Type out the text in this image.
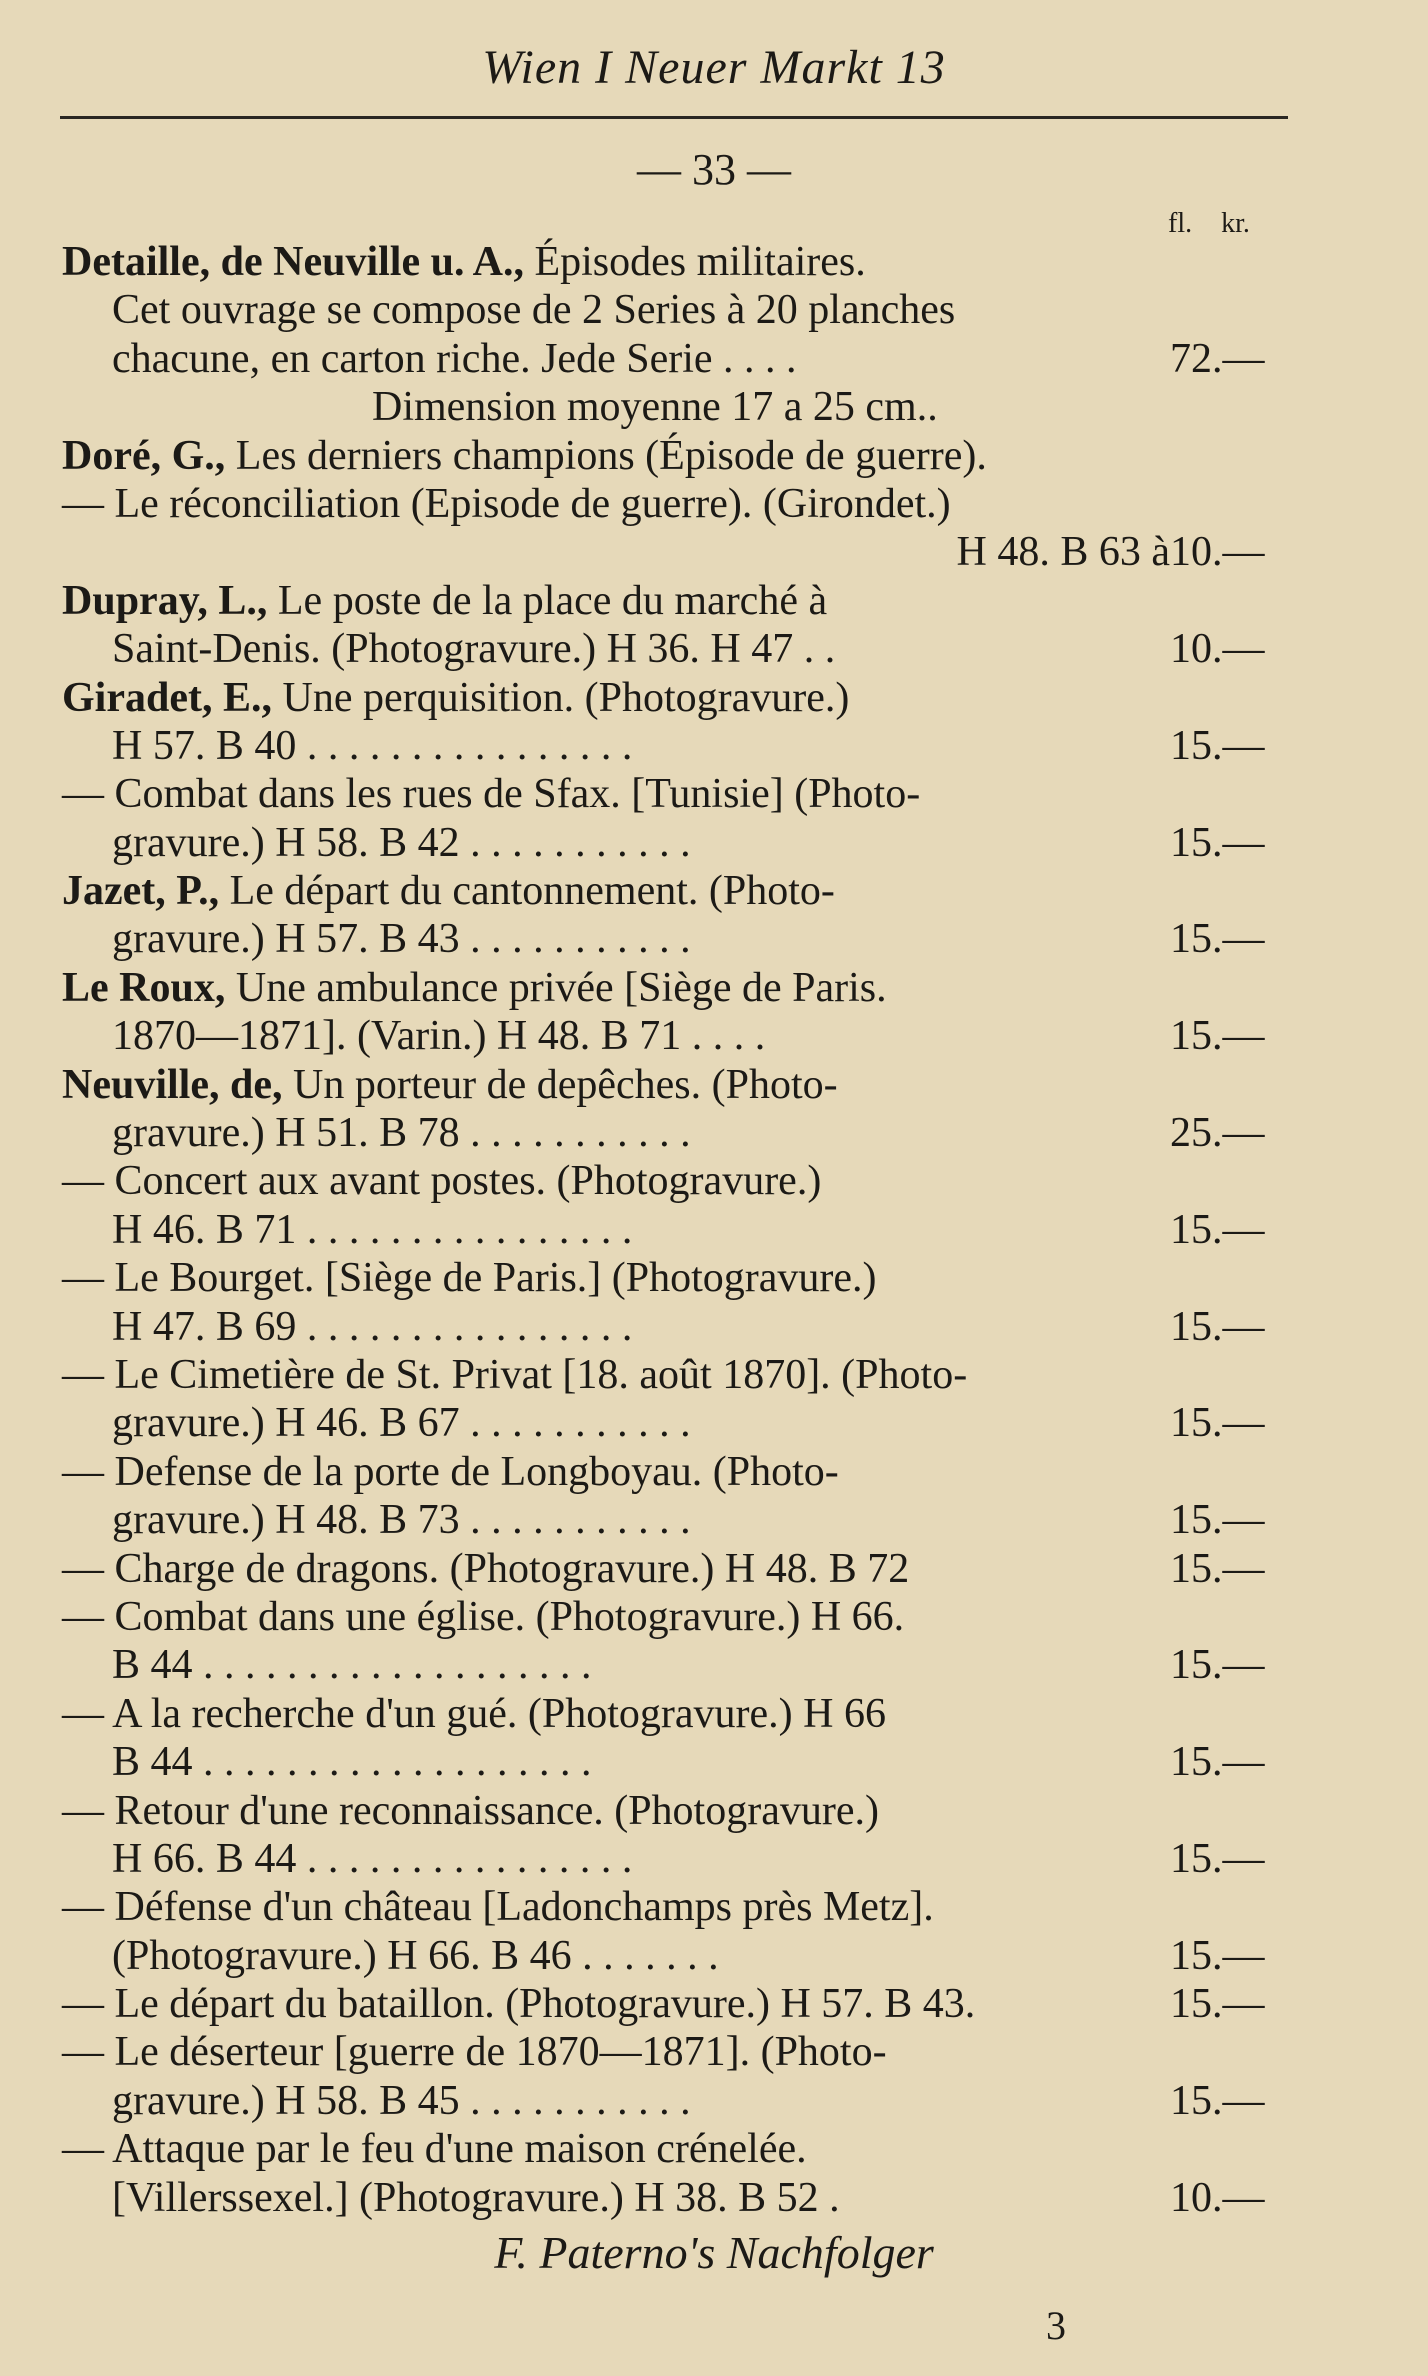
Wien I Neuer Markt 13
— 33 —
fl. kr.
Detaille, de Neuville u. A., Épisodes militaires.
Cet ouvrage se compose de 2 Series à 20 planches
chacune, en carton riche. Jede Serie . . . .	72.—
Dimension moyenne 17 a 25 cm..
Doré, G., Les derniers champions (Épisode de guerre).
— Le réconciliation (Episode de guerre). (Girondet.)
H 48. B 63 à 10.—
Dupray, L., Le poste de la place du marché à
Saint-Denis. (Photogravure.) H 36. H 47 . .	10.—
Giradet, E., Une perquisition. (Photogravure.)
H 57. B 40 . . . . . . . . . . . . . . . .	15.—
— Combat dans les rues de Sfax. [Tunisie] (Photo-
gravure.) H 58. B 42 . . . . . . . . . . .	15.—
Jazet, P., Le départ du cantonnement. (Photo-
gravure.) H 57. B 43 . . . . . . . . . . .	15.—
Le Roux, Une ambulance privée [Siège de Paris.
1870—1871]. (Varin.) H 48. B 71 . . . .	15.—
Neuville, de, Un porteur de depêches. (Photo-
gravure.) H 51. B 78 . . . . . . . . . . .	25.—
— Concert aux avant postes. (Photogravure.)
H 46. B 71 . . . . . . . . . . . . . . . .	15.—
— Le Bourget. [Siège de Paris.] (Photogravure.)
H 47. B 69 . . . . . . . . . . . . . . . .	15.—
— Le Cimetière de St. Privat [18. août 1870]. (Photo-
gravure.) H 46. B 67 . . . . . . . . . . .	15.—
— Defense de la porte de Longboyau. (Photo-
gravure.) H 48. B 73 . . . . . . . . . . .	15.—
— Charge de dragons. (Photogravure.) H 48. B 72	15.—
— Combat dans une église. (Photogravure.) H 66.
B 44 . . . . . . . . . . . . . . . . . . .	15.—
— A la recherche d'un gué. (Photogravure.) H 66
B 44 . . . . . . . . . . . . . . . . . . .	15.—
— Retour d'une reconnaissance. (Photogravure.)
H 66. B 44 . . . . . . . . . . . . . . . .	15.—
— Défense d'un château [Ladonchamps près Metz].
(Photogravure.) H 66. B 46 . . . . . . .	15.—
— Le départ du bataillon. (Photogravure.) H 57. B 43.	15.—
— Le déserteur [guerre de 1870—1871]. (Photo-
gravure.) H 58. B 45 . . . . . . . . . . .	15.—
— Attaque par le feu d'une maison crénelée.
[Villerssexel.] (Photogravure.) H 38. B 52 .	10.—
F. Paterno's Nachfolger
3
